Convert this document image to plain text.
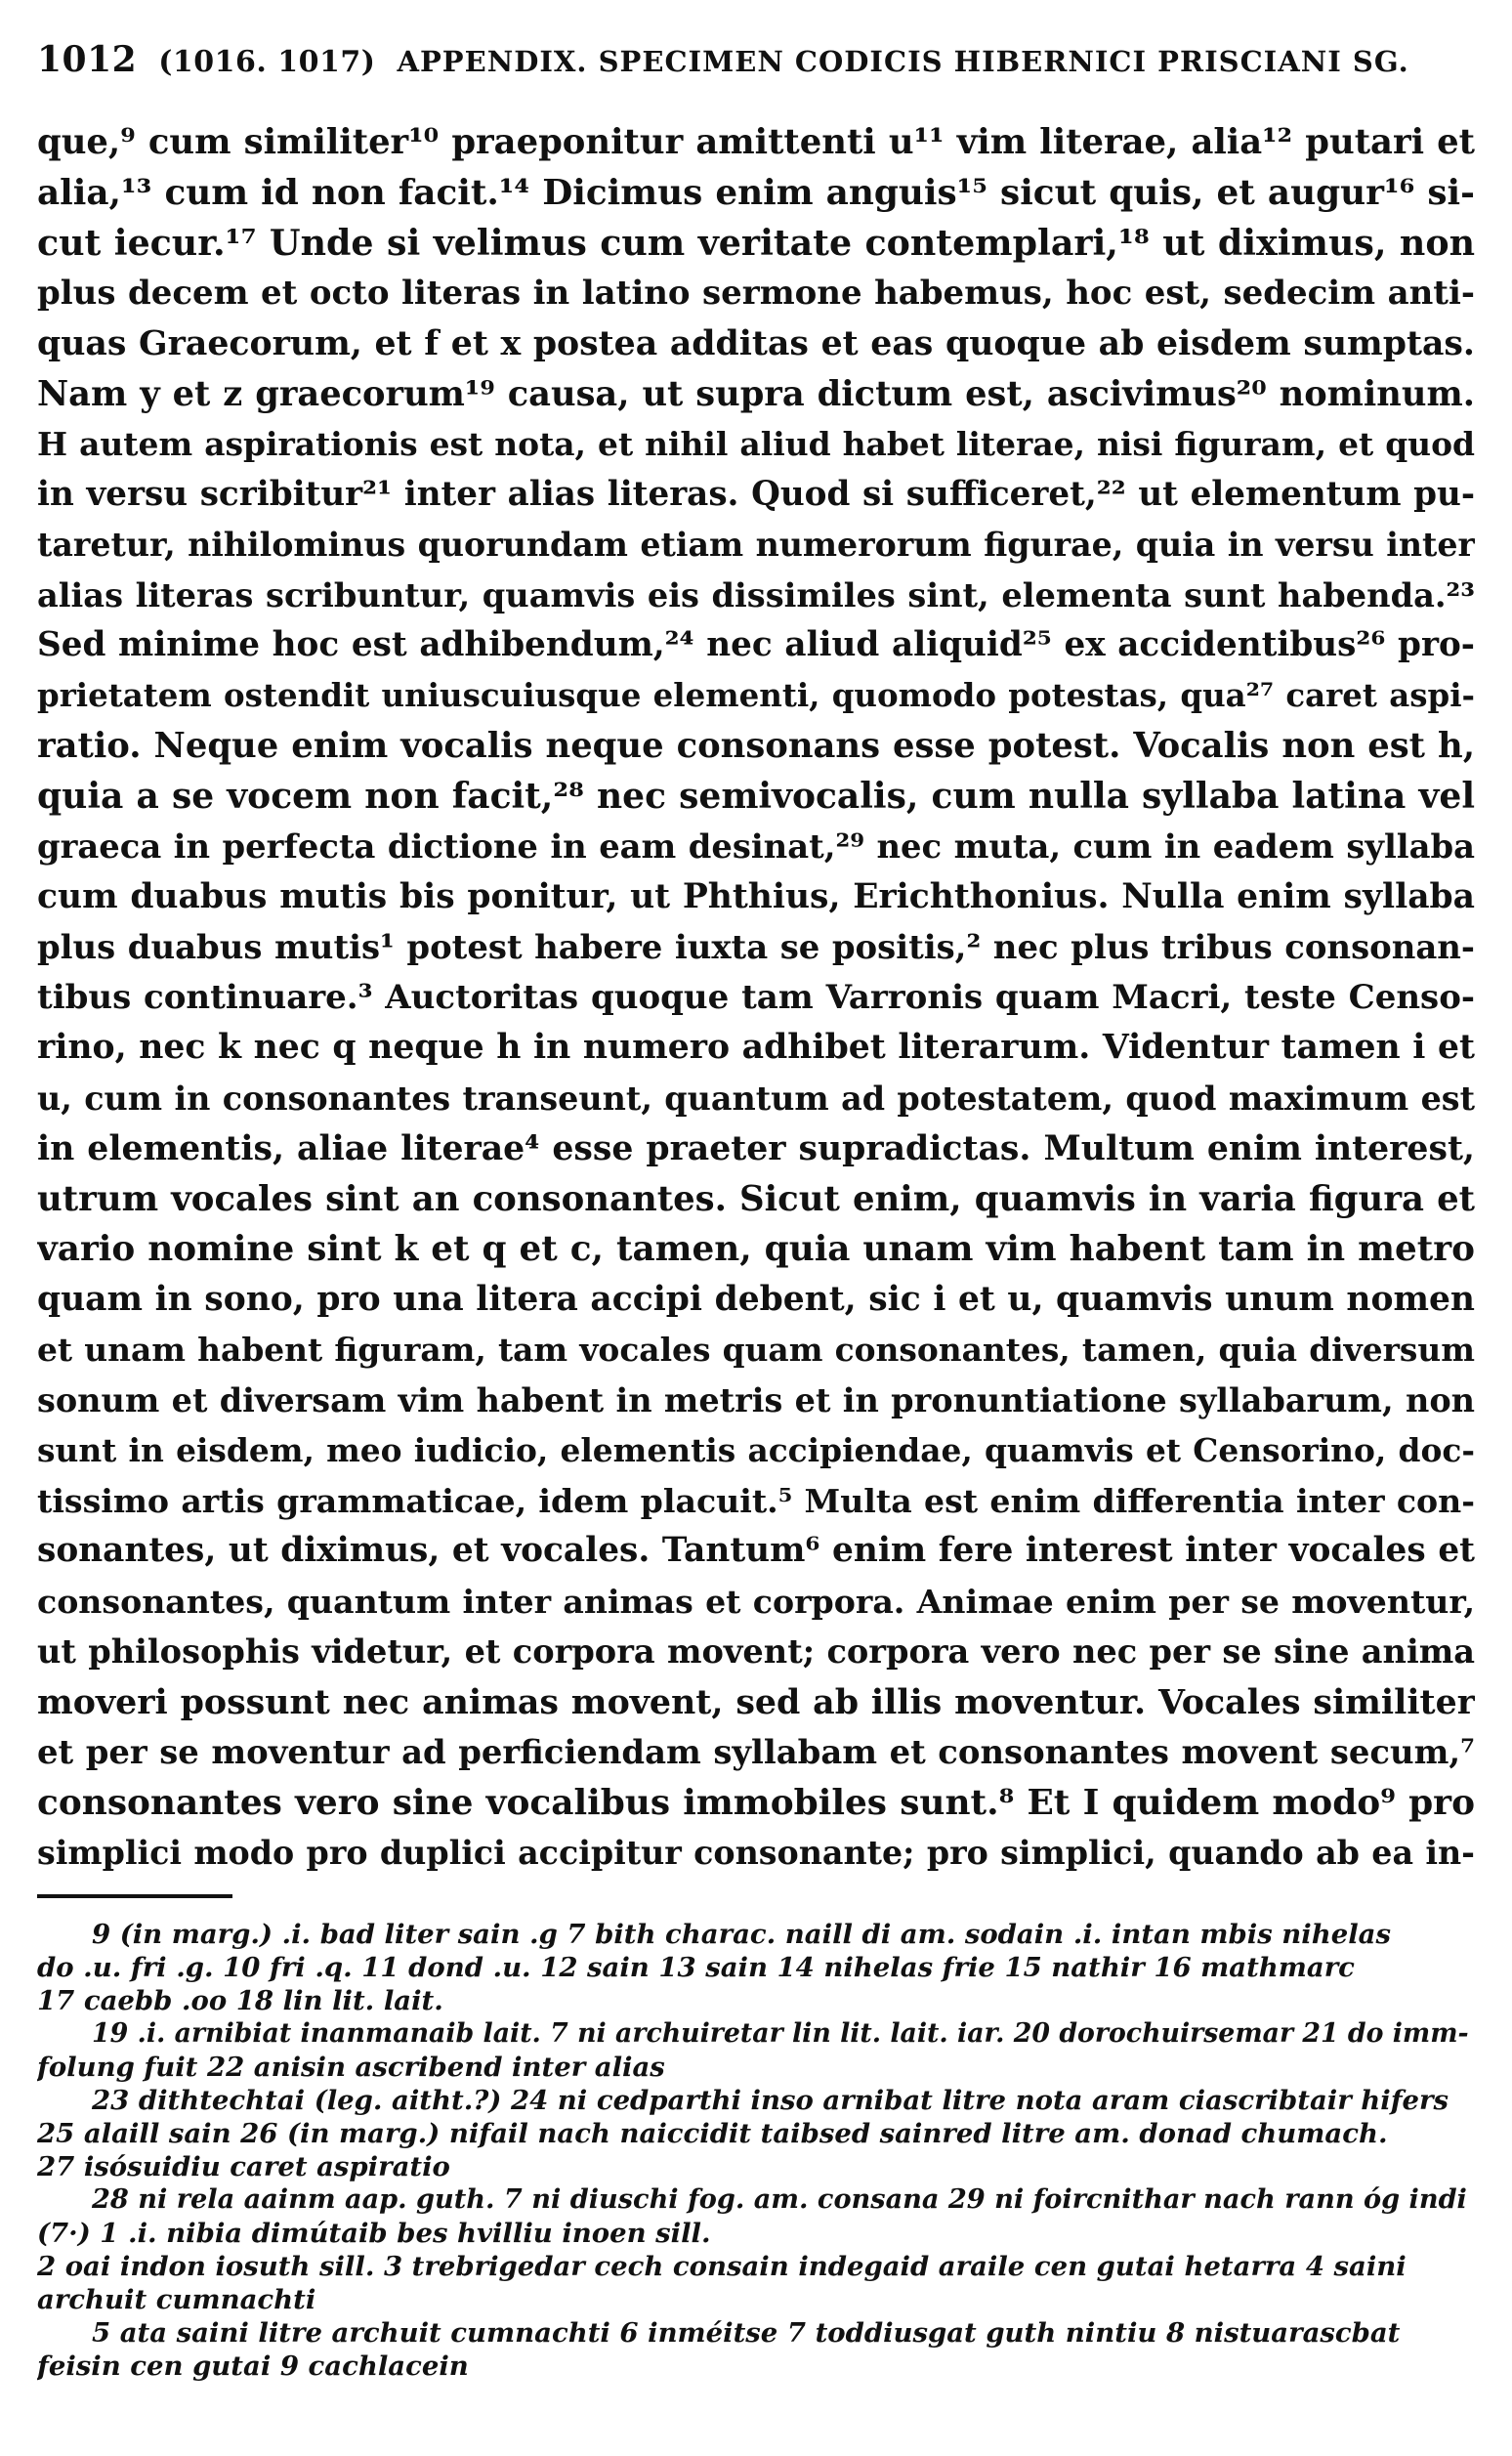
1012 (1016. 1017) APPENDIX. SPECIMEN CODICIS HIBERNICI PRISCIANI SG.
que,⁹ cum similiter¹⁰ praeponitur amittenti u¹¹ vim literae, alia¹² putari et
alia,¹³ cum id non facit.¹⁴ Dicimus enim anguis¹⁵ sicut quis, et augur¹⁶ si-
cut iecur.¹⁷ Unde si velimus cum veritate contemplari,¹⁸ ut diximus, non
plus decem et octo literas in latino sermone habemus, hoc est, sedecim anti-
quas Graecorum, et f et x postea additas et eas quoque ab eisdem sumptas.
Nam y et z graecorum¹⁹ causa, ut supra dictum est, ascivimus²⁰ nominum.
H autem aspirationis est nota, et nihil aliud habet literae, nisi figuram, et quod
in versu scribitur²¹ inter alias literas. Quod si sufficeret,²² ut elementum pu-
taretur, nihilominus quorundam etiam numerorum figurae, quia in versu inter
alias literas scribuntur, quamvis eis dissimiles sint, elementa sunt habenda.²³
Sed minime hoc est adhibendum,²⁴ nec aliud aliquid²⁵ ex accidentibus²⁶ pro-
prietatem ostendit uniuscuiusque elementi, quomodo potestas, qua²⁷ caret aspi-
ratio. Neque enim vocalis neque consonans esse potest. Vocalis non est h,
quia a se vocem non facit,²⁸ nec semivocalis, cum nulla syllaba latina vel
graeca in perfecta dictione in eam desinat,²⁹ nec muta, cum in eadem syllaba
cum duabus mutis bis ponitur, ut Phthius, Erichthonius. Nulla enim syllaba
plus duabus mutis¹ potest habere iuxta se positis,² nec plus tribus consonan-
tibus continuare.³ Auctoritas quoque tam Varronis quam Macri, teste Censo-
rino, nec k nec q neque h in numero adhibet literarum. Videntur tamen i et
u, cum in consonantes transeunt, quantum ad potestatem, quod maximum est
in elementis, aliae literae⁴ esse praeter supradictas. Multum enim interest,
utrum vocales sint an consonantes. Sicut enim, quamvis in varia figura et
vario nomine sint k et q et c, tamen, quia unam vim habent tam in metro
quam in sono, pro una litera accipi debent, sic i et u, quamvis unum nomen
et unam habent figuram, tam vocales quam consonantes, tamen, quia diversum
sonum et diversam vim habent in metris et in pronuntiatione syllabarum, non
sunt in eisdem, meo iudicio, elementis accipiendae, quamvis et Censorino, doc-
tissimo artis grammaticae, idem placuit.⁵ Multa est enim differentia inter con-
sonantes, ut diximus, et vocales. Tantum⁶ enim fere interest inter vocales et
consonantes, quantum inter animas et corpora. Animae enim per se moventur,
ut philosophis videtur, et corpora movent; corpora vero nec per se sine anima
moveri possunt nec animas movent, sed ab illis moventur. Vocales similiter
et per se moventur ad perficiendam syllabam et consonantes movent secum,⁷
consonantes vero sine vocalibus immobiles sunt.⁸ Et I quidem modo⁹ pro
simplici modo pro duplici accipitur consonante; pro simplici, quando ab ea in-
9 (in marg.) .i. bad liter sain .g 7 bith charac. naill di am. sodain .i. intan mbis nihelas
do .u. fri .g. 10 fri .q. 11 dond .u. 12 sain 13 sain 14 nihelas frie 15 nathir 16 mathmarc
17 caebb .oo 18 lin lit. lait.
19 .i. arnibiat inanmanaib lait. 7 ni archuiretar lin lit. lait. iar. 20 dorochuirsemar 21 do imm-
folung fuit 22 anisin ascribend inter alias
23 dithtechtai (leg. aitht.?) 24 ni cedparthi inso arnibat litre nota aram ciascribtair hifers
25 alaill sain 26 (in marg.) nifail nach naiccidit taibsed sainred litre am. donad chumach.
27 isósuidiu caret aspiratio
28 ni rela aainm aap. guth. 7 ni diuschi fog. am. consana 29 ni foircnithar nach rann óg indi
(7·) 1 .i. nibia dimútaib bes hvilliu inoen sill.
2 oai indon iosuth sill. 3 trebrigedar cech consain indegaid araile cen gutai hetarra 4 saini
archuit cumnachti
5 ata saini litre archuit cumnachti 6 inméitse 7 toddiusgat guth nintiu 8 nistuarascbat
feisin cen gutai 9 cachlacein
